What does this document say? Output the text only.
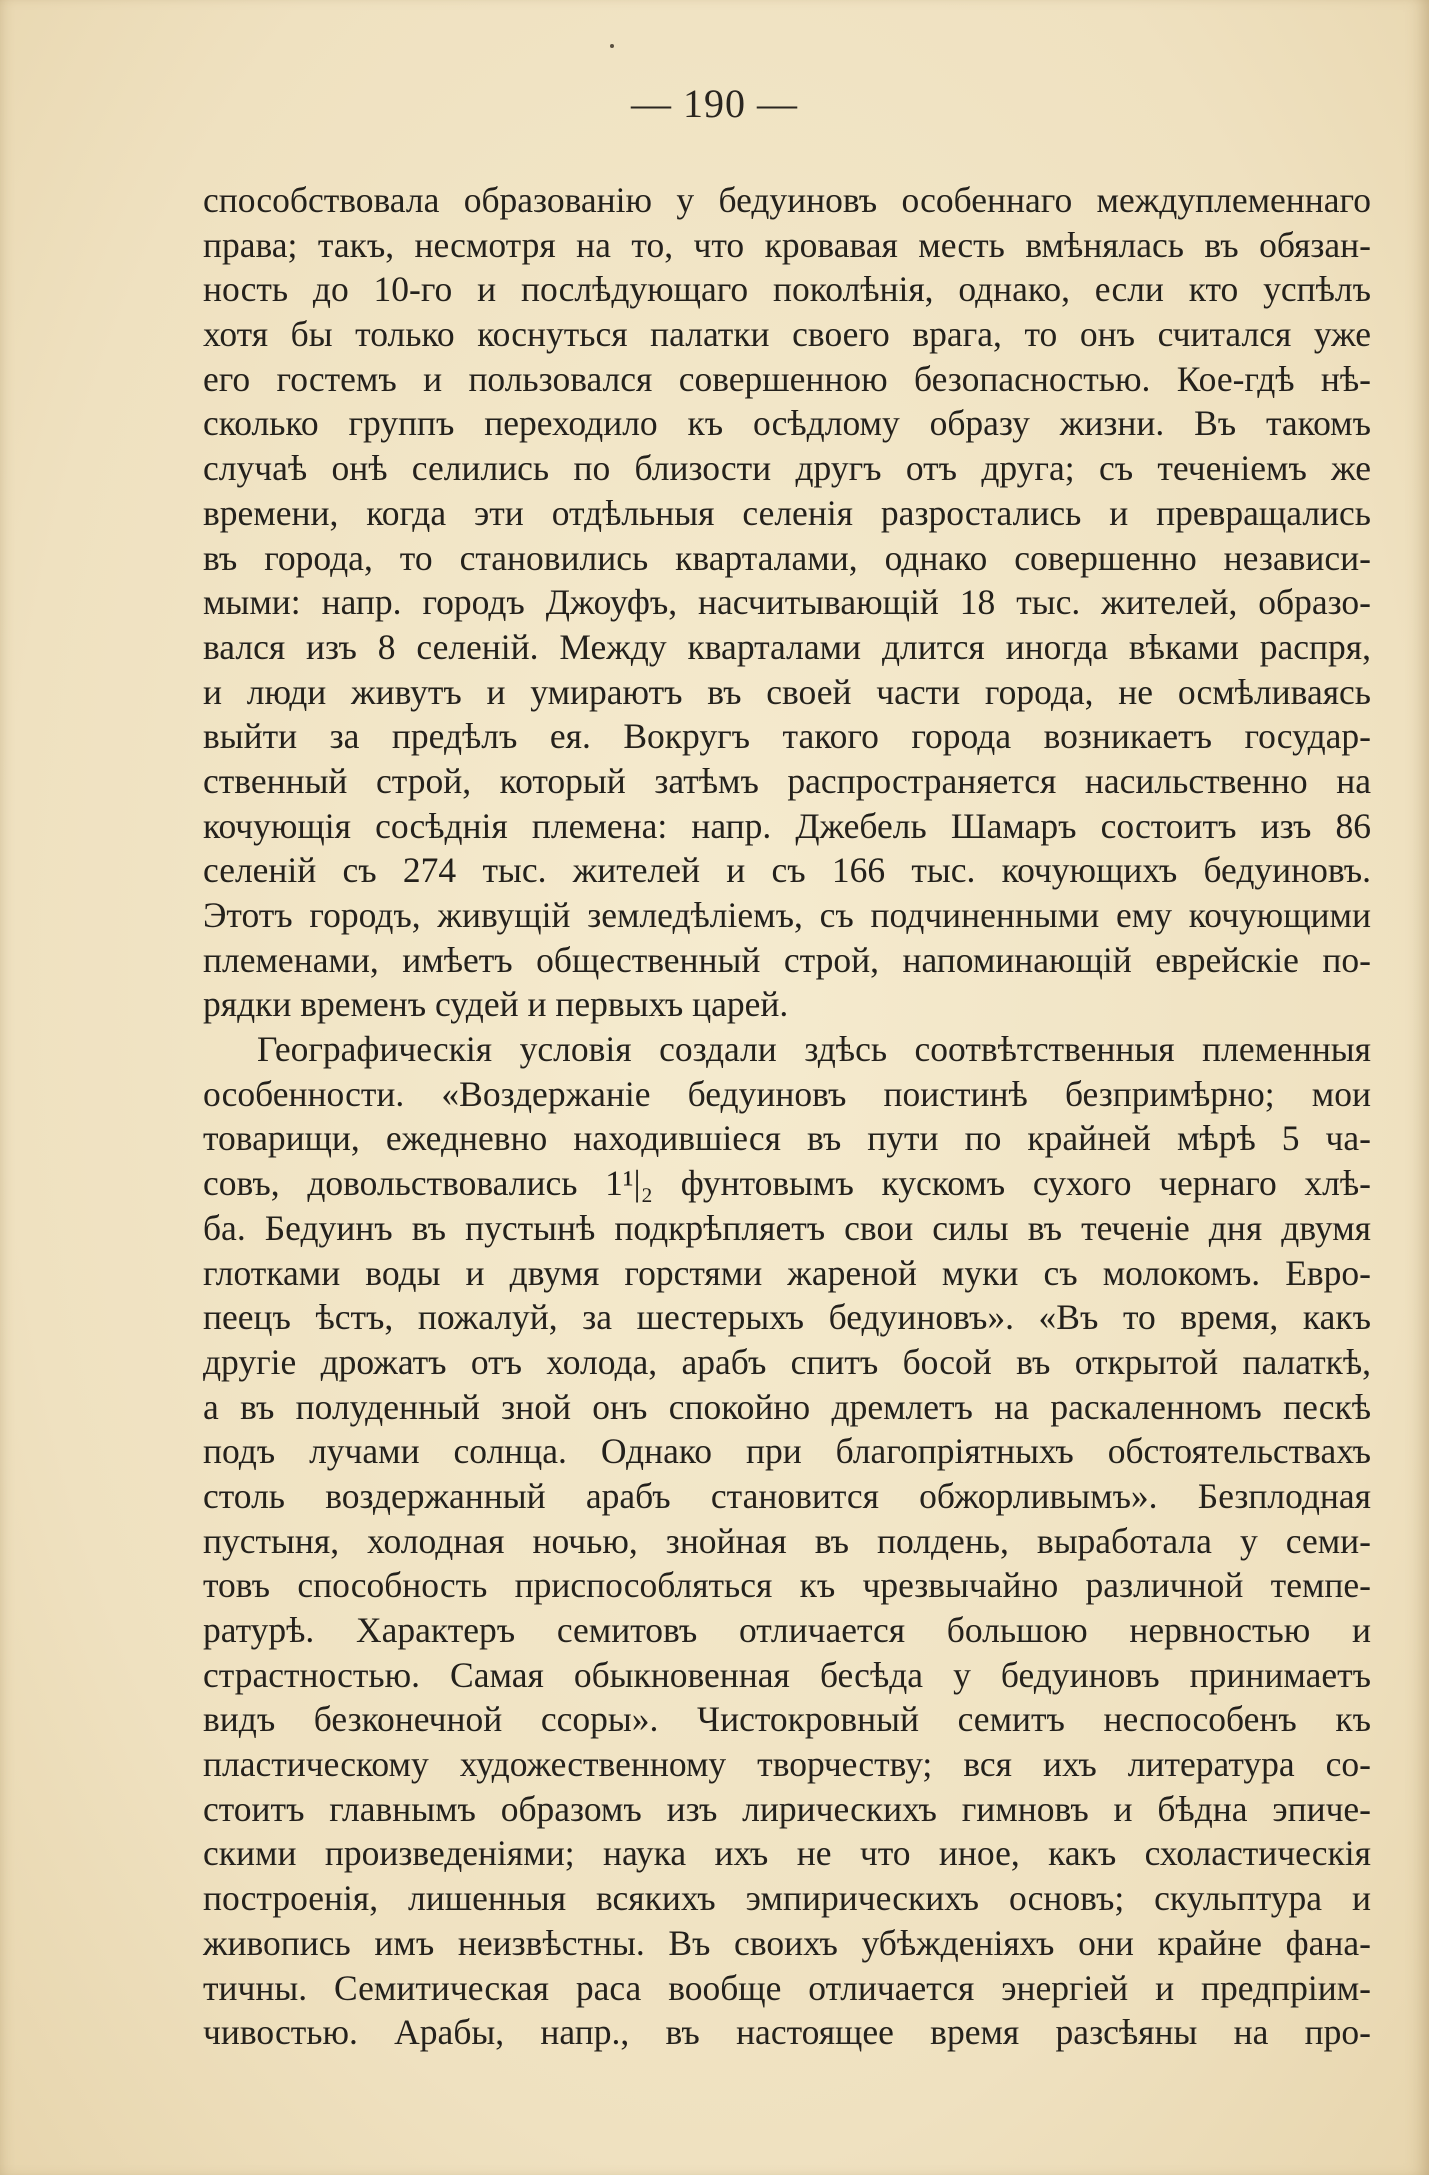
— 190 —
способствовала образованію у бедуиновъ особеннаго междуплеменнаго
права; такъ, несмотря на то, что кровавая месть вмѣнялась въ обязан-
ность до 10-го и послѣдующаго поколѣнія, однако, если кто успѣлъ
хотя бы только коснуться палатки своего врага, то онъ считался уже
его гостемъ и пользовался совершенною безопасностью. Кое-гдѣ нѣ-
сколько группъ переходило къ осѣдлому образу жизни. Въ такомъ
случаѣ онѣ селились по близости другъ отъ друга; съ теченіемъ же
времени, когда эти отдѣльныя селенія разростались и превращались
въ города, то становились кварталами, однако совершенно независи-
мыми: напр. городъ Джоуфъ, насчитывающій 18 тыс. жителей, образо-
вался изъ 8 селеній. Между кварталами длится иногда вѣками распря,
и люди живутъ и умираютъ въ своей части города, не осмѣливаясь
выйти за предѣлъ ея. Вокругъ такого города возникаетъ государ-
ственный строй, который затѣмъ распространяется насильственно на
кочующія сосѣднія племена: напр. Джебель Шамаръ состоитъ изъ 86
селеній съ 274 тыс. жителей и съ 166 тыс. кочующихъ бедуиновъ.
Этотъ городъ, живущій земледѣліемъ, съ подчиненными ему кочующими
племенами, имѣетъ общественный строй, напоминающій еврейскіе по-
рядки временъ судей и первыхъ царей.
Географическія условія создали здѣсь соотвѣтственныя племенныя
особенности. «Воздержаніе бедуиновъ поистинѣ безпримѣрно; мои
товарищи, ежедневно находившіеся въ пути по крайней мѣрѣ 5 ча-
совъ, довольствовались 1¹|₂ фунтовымъ кускомъ сухого чернаго хлѣ-
ба. Бедуинъ въ пустынѣ подкрѣпляетъ свои силы въ теченіе дня двумя
глотками воды и двумя горстями жареной муки съ молокомъ. Евро-
пеецъ ѣстъ, пожалуй, за шестерыхъ бедуиновъ». «Въ то время, какъ
другіе дрожатъ отъ холода, арабъ спитъ босой въ открытой палаткѣ,
а въ полуденный зной онъ спокойно дремлетъ на раскаленномъ пескѣ
подъ лучами солнца. Однако при благопріятныхъ обстоятельствахъ
столь воздержанный арабъ становится обжорливымъ». Безплодная
пустыня, холодная ночью, знойная въ полдень, выработала у семи-
товъ способность приспособляться къ чрезвычайно различной темпе-
ратурѣ. Характеръ семитовъ отличается большою нервностью и
страстностью. Самая обыкновенная бесѣда у бедуиновъ принимаетъ
видъ безконечной ссоры». Чистокровный семитъ неспособенъ къ
пластическому художественному творчеству; вся ихъ литература со-
стоитъ главнымъ образомъ изъ лирическихъ гимновъ и бѣдна эпиче-
скими произведеніями; наука ихъ не что иное, какъ схоластическія
построенія, лишенныя всякихъ эмпирическихъ основъ; скульптура и
живопись имъ неизвѣстны. Въ своихъ убѣжденіяхъ они крайне фана-
тичны. Семитическая раса вообще отличается энергіей и предпріим-
чивостью. Арабы, напр., въ настоящее время разсѣяны на про-
